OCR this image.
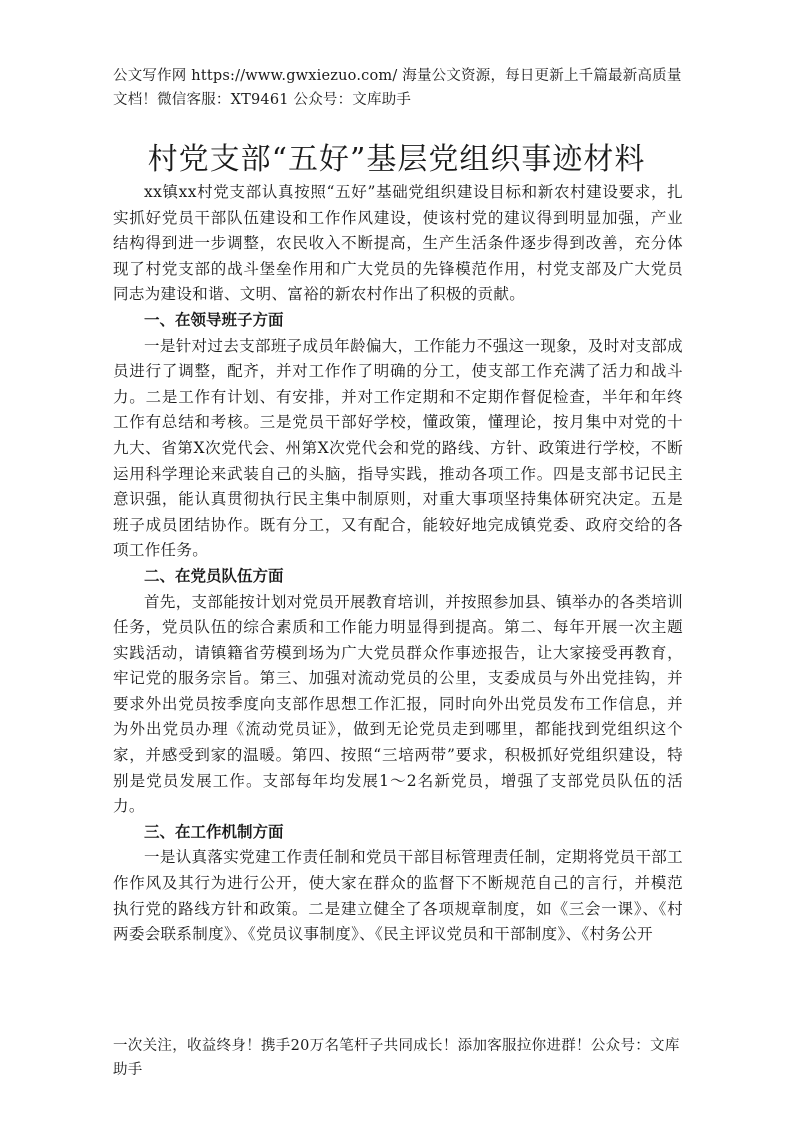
公文写作网 https://www.gwxiezuo.com/ 海量公文资源，每日更新上千篇最新高质量文档！微信客服：XT9461 公众号：文库助手
村党支部“五好”基层党组织事迹材料

xx镇xx村党支部认真按照“五好”基础党组织建设目标和新农村建设要求，扎实抓好党员干部队伍建设和工作作风建设，使该村党的建议得到明显加强，产业结构得到进一步调整，农民收入不断提高，生产生活条件逐步得到改善，充分体现了村党支部的战斗堡垒作用和广大党员的先锋模范作用，村党支部及广大党员同志为建设和谐、文明、富裕的新农村作出了积极的贡献。

一、在领导班子方面

一是针对过去支部班子成员年龄偏大，工作能力不强这一现象，及时对支部成员进行了调整，配齐，并对工作作了明确的分工，使支部工作充满了活力和战斗力。二是工作有计划、有安排，并对工作定期和不定期作督促检查，半年和年终工作有总结和考核。三是党员干部好学校，懂政策，懂理论，按月集中对党的十九大、省第X次党代会、州第X次党代会和党的路线、方针、政策进行学校，不断运用科学理论来武装自己的头脑，指导实践，推动各项工作。四是支部书记民主意识强，能认真贯彻执行民主集中制原则，对重大事项坚持集体研究决定。五是班子成员团结协作。既有分工，又有配合，能较好地完成镇党委、政府交给的各项工作任务。

二、在党员队伍方面

首先，支部能按计划对党员开展教育培训，并按照参加县、镇举办的各类培训任务，党员队伍的综合素质和工作能力明显得到提高。第二、每年开展一次主题实践活动，请镇籍省劳模到场为广大党员群众作事迹报告，让大家接受再教育，牢记党的服务宗旨。第三、加强对流动党员的公里，支委成员与外出党挂钩，并要求外出党员按季度向支部作思想工作汇报，同时向外出党员发布工作信息，并为外出党员办理《流动党员证》，做到无论党员走到哪里，都能找到党组织这个家，并感受到家的温暖。第四、按照“三培两带”要求，积极抓好党组织建设，特别是党员发展工作。支部每年均发展1～2名新党员，增强了支部党员队伍的活力。

三、在工作机制方面

一是认真落实党建工作责任制和党员干部目标管理责任制，定期将党员干部工作作风及其行为进行公开，使大家在群众的监督下不断规范自己的言行，并模范执行党的路线方针和政策。二是建立健全了各项规章制度，如《三会一课》、《村两委会联系制度》、《党员议事制度》、《民主评议党员和干部制度》、《村务公开

一次关注，收益终身！携手20万名笔杆子共同成长！添加客服拉你进群！公众号：文库助手
